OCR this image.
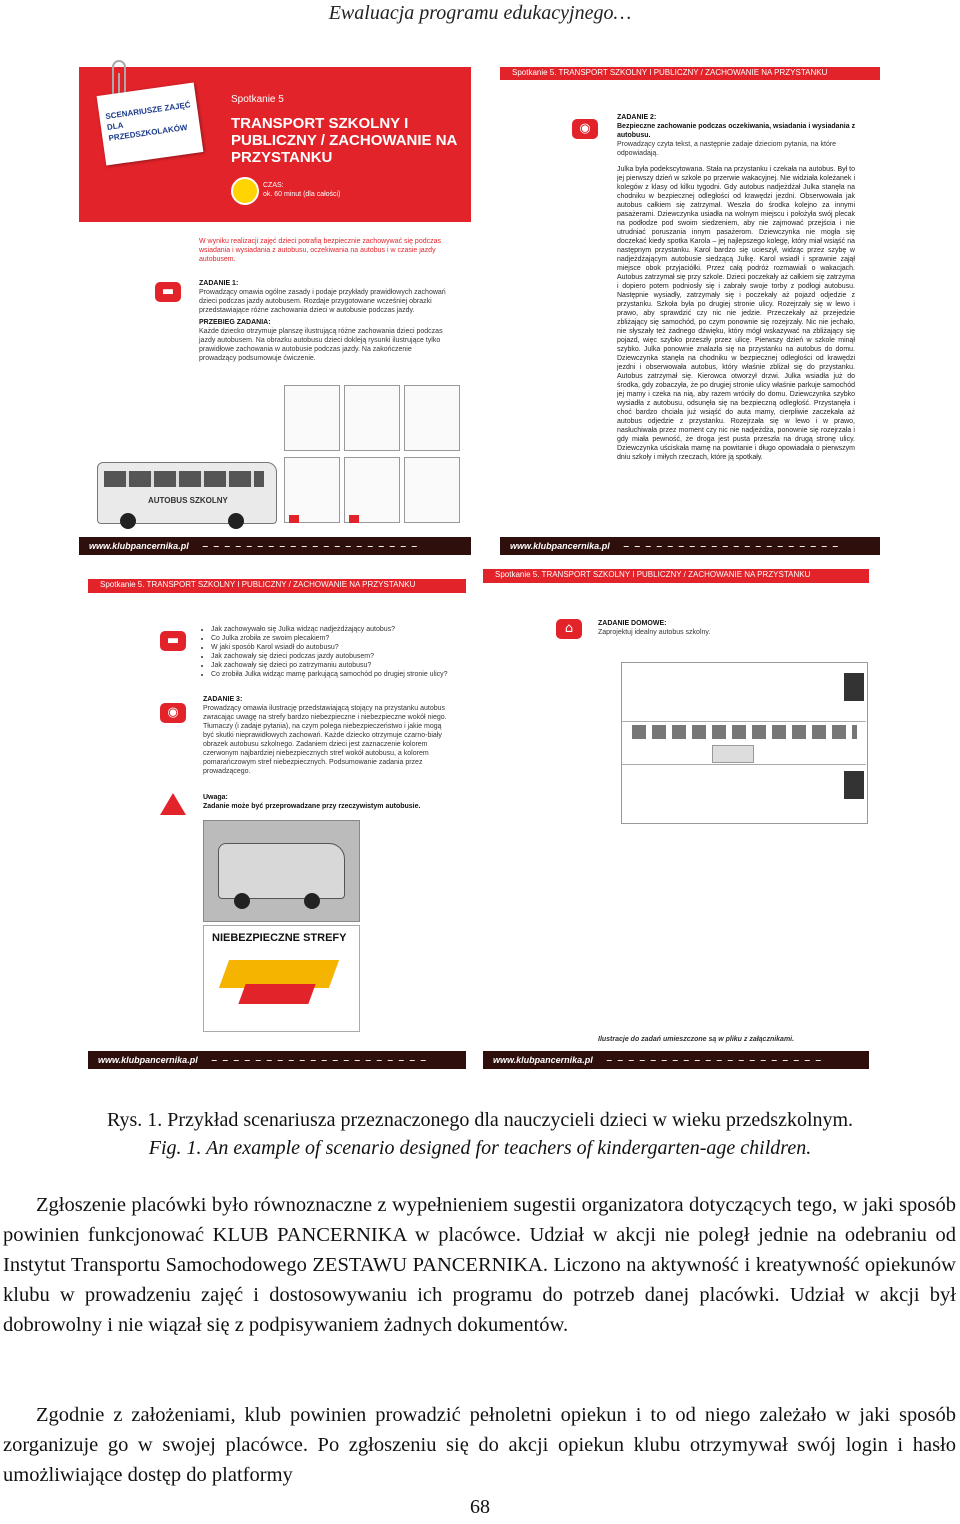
Ewaluacja programu edukacyjnego…
SCENARIUSZE ZAJĘĆ DLA PRZEDSZKOLAKÓW
Spotkanie 5
TRANSPORT SZKOLNY I PUBLICZNY / ZACHOWANIE NA PRZYSTANKU
CZAS:
ok. 60 minut (dla całości)
W wyniku realizacji zajęć dzieci potrafią bezpiecznie zachowywać się podczas wsiadania i wysiadania z autobusu, oczekiwania na autobus i w czasie jazdy autobusem.
▬
ZADANIE 1:
Prowadzący omawia ogólne zasady i podaje przykłady prawidłowych zachowań dzieci podczas jazdy autobusem. Rozdaje przygotowane wcześniej obrazki przedstawiające różne zachowania dzieci w autobusie podczas jazdy.
PRZEBIEG ZADANIA:
Każde dziecko otrzymuje planszę ilustrującą różne zachowania dzieci podczas jazdy autobusem. Na obrazku autobusu dzieci dokleją rysunki ilustrujące tylko prawidłowe zachowania w autobusie podczas jazdy. Na zakończenie prowadzący podsumowuje ćwiczenie.
AUTOBUS SZKOLNY
www.klubpancernika.pl ‒‒‒‒‒‒‒‒‒‒‒‒‒‒‒‒‒‒‒‒
Spotkanie 5. TRANSPORT SZKOLNY I PUBLICZNY / ZACHOWANIE NA PRZYSTANKU
◉
ZADANIE 2:
Bezpieczne zachowanie podczas oczekiwania, wsiadania i wysiadania z autobusu.
Prowadzący czyta tekst, a następnie zadaje dzieciom pytania, na które odpowiadają.
Julka była podekscytowana. Stała na przystanku i czekała na autobus. Był to jej pierwszy dzień w szkole po przerwie wakacyjnej. Nie widziała koleżanek i kolegów z klasy od kilku tygodni. Gdy autobus nadjeżdżał Julka stanęła na chodniku w bezpiecznej odległości od krawędzi jezdni. Obserwowała jak autobus całkiem się zatrzymał. Weszła do środka kolejno za innymi pasażerami. Dziewczynka usiadła na wolnym miejscu i położyła swój plecak na podłodze pod swoim siedzeniem, aby nie zajmować przejścia i nie utrudniać poruszania innym pasażerom. Dziewczynka nie mogła się doczekać kiedy spotka Karola – jej najlepszego kolegę, który miał wsiąść na następnym przystanku. Karol bardzo się ucieszył, widząc przez szybę w nadjeżdżającym autobusie siedzącą Julkę. Karol wsiadł i sprawnie zajął miejsce obok przyjaciółki. Przez całą podróż rozmawiali o wakacjach. Autobus zatrzymał się przy szkole. Dzieci poczekały aż całkiem się zatrzyma i dopiero potem podniosły się i zabrały swoje torby z podłogi autobusu. Następnie wysiadły, zatrzymały się i poczekały aż pojazd odjedzie z przystanku. Szkoła była po drugiej stronie ulicy. Rozejrzały się w lewo i prawo, aby sprawdzić czy nic nie jedzie. Przeczekały aż przejedzie zbliżający się samochód, po czym ponownie się rozejrzały. Nic nie jechało, nie słyszały też żadnego dźwięku, który mógł wskazywać na zbliżający się pojazd, więc szybko przeszły przez ulicę. Pierwszy dzień w szkole minął szybko. Julka ponownie znalazła się na przystanku na autobus do domu. Dziewczynka stanęła na chodniku w bezpiecznej odległości od krawędzi jezdni i obserwowała autobus, który właśnie zbliżał się do przystanku. Autobus zatrzymał się. Kierowca otworzył drzwi. Julka wsiadła już do środka, gdy zobaczyła, że po drugiej stronie ulicy właśnie parkuje samochód jej mamy i czeka na nią, aby razem wróciły do domu. Dziewczynka szybko wysiadła z autobusu, odsunęła się na bezpieczną odległość. Przystanęła i choć bardzo chciała już wsiąść do auta mamy, cierpliwie zaczekała aż autobus odjedzie z przystanku. Rozejrzała się w lewo i w prawo, nasłuchiwała przez moment czy nic nie nadjeżdża, ponownie się rozejrzała i gdy miała pewność, że droga jest pusta przeszła na drugą stronę ulicy. Dziewczynka uściskała mamę na powitanie i długo opowiadała o pierwszym dniu szkoły i miłych rzeczach, które ją spotkały.
www.klubpancernika.pl ‒‒‒‒‒‒‒‒‒‒‒‒‒‒‒‒‒‒‒‒
Spotkanie 5. TRANSPORT SZKOLNY I PUBLICZNY / ZACHOWANIE NA PRZYSTANKU
▬
• Jak zachowywało się Julka widząc nadjeżdżający autobus?
• Co Julka zrobiła ze swoim plecakiem?
• W jaki sposób Karol wsiadł do autobusu?
• Jak zachowały się dzieci podczas jazdy autobusem?
• Jak zachowały się dzieci po zatrzymaniu autobusu?
• Co zrobiła Julka widząc mamę parkującą samochód po drugiej stronie ulicy?
◉
ZADANIE 3:
Prowadzący omawia ilustrację przedstawiającą stojący na przystanku autobus zwracając uwagę na strefy bardzo niebezpieczne i niebezpieczne wokół niego. Tłumaczy (i zadaje pytania), na czym polega niebezpieczeństwo i jakie mogą być skutki nieprawidłowych zachowań. Każde dziecko otrzymuje czarno-biały obrazek autobusu szkolnego. Zadaniem dzieci jest zaznaczenie kolorem czerwonym najbardziej niebezpiecznych stref wokół autobusu, a kolorem pomarańczowym stref niebezpiecznych. Podsumowanie zadania przez prowadzącego.
Uwaga:
Zadanie może być przeprowadzane przy rzeczywistym autobusie.
NIEBEZPIECZNE STREFY
www.klubpancernika.pl ‒‒‒‒‒‒‒‒‒‒‒‒‒‒‒‒‒‒‒‒
Spotkanie 5. TRANSPORT SZKOLNY I PUBLICZNY / ZACHOWANIE NA PRZYSTANKU
⌂	ZADANIE DOMOWE:
Zaprojektuj idealny autobus szkolny.
Ilustracje do zadań umieszczone są w pliku z załącznikami.
www.klubpancernika.pl ‒‒‒‒‒‒‒‒‒‒‒‒‒‒‒‒‒‒‒‒
Rys. 1. Przykład scenariusza przeznaczonego dla nauczycieli dzieci w wieku przedszkolnym.
Fig. 1. An example of scenario designed for teachers of kindergarten-age children.
Zgłoszenie placówki było równoznaczne z wypełnieniem sugestii organizatora dotyczących tego, w jaki sposób powinien funkcjonować KLUB PANCERNIKA w placówce. Udział w akcji nie poległ jednie na odebraniu od Instytut Transportu Samochodowego ZESTAWU PANCERNIKA. Liczono na aktywność i kreatywność opiekunów klubu w prowadzeniu zajęć i dostosowywaniu ich programu do potrzeb danej placówki. Udział w akcji był dobrowolny i nie wiązał się z podpisywaniem żadnych dokumentów.
Zgodnie z założeniami, klub powinien prowadzić pełnoletni opiekun i to od niego zależało w jaki sposób zorganizuje go w swojej placówce. Po zgłoszeniu się do akcji opiekun klubu otrzymywał swój login i hasło umożliwiające dostęp do platformy
68
